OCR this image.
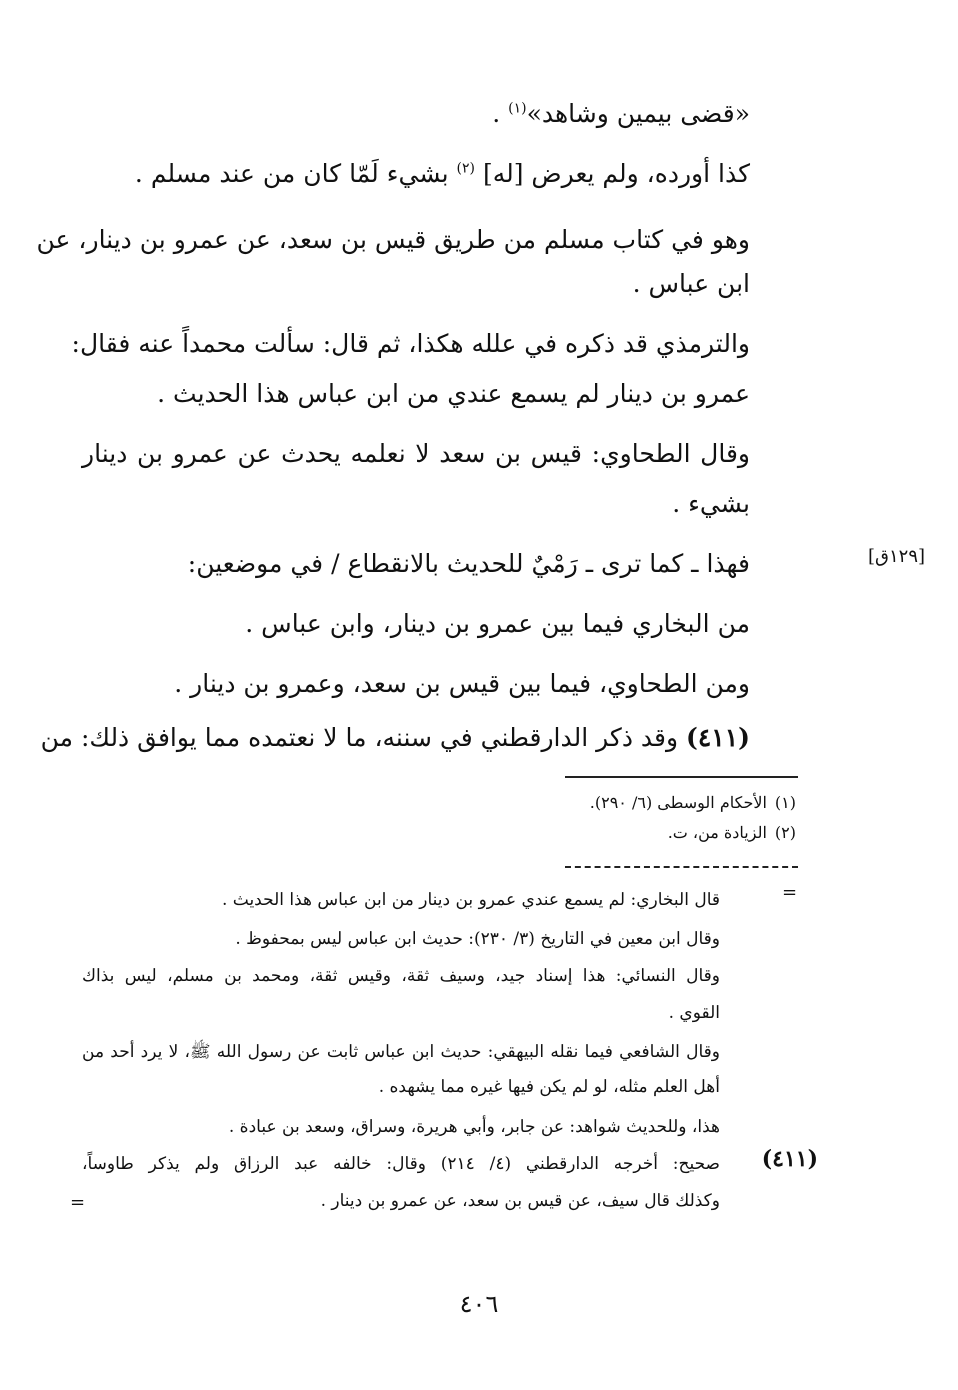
«قضى بيمين وشاهد»$^{(١)}$ .
كذا أورده، ولم يعرض [له] $^{(٢)}$ بشيء لَمّا كان من عند مسلم .
وهو في كتاب مسلم من طريق قيس بن سعد، عن عمرو بن دينار، عن
ابن عباس .
والترمذي قد ذكره في علله هكذا، ثم قال: سألت محمداً عنه فقال:
عمرو بن دينار لم يسمع عندي من ابن عباس هذا الحديث .
وقال الطحاوي: قيس بن سعد لا نعلمه يحدث عن عمرو بن دينار
بشيء .
فهذا ـ كما ترى ـ رَمْيٌ للحديث بالانقطاع / في موضعين:	[١٢٩ق]
من البخاري فيما بين عمرو بن دينار، وابن عباس .
ومن الطحاوي، فيما بين قيس بن سعد، وعمرو بن دينار .
(٤١١) وقد ذكر الدارقطني في سننه، ما لا نعتمده مما يوافق ذلك: من
(١)الأحكام الوسطى (٦/ ٢٩٠).
(٢)الزيادة من، ت.
=
قال البخاري: لم يسمع عندي عمرو بن دينار من ابن عباس هذا الحديث .
وقال ابن معين في التاريخ (٣/ ٢٣٠): حديث ابن عباس ليس بمحفوظ .
وقال النسائي: هذا إسناد جيد، وسيف ثقة، وقيس ثقة، ومحمد بن مسلم، ليس بذاك
القوي .
وقال الشافعي فيما نقله البيهقي: حديث ابن عباس ثابت عن رسول الله ﷺ، لا يرد أحد من
أهل العلم مثله، لو لم يكن فيها غيره مما يشهده .
هذا، وللحديث شواهد: عن جابر، وأبي هريرة، وسراق، وسعد بن عبادة .
(٤١١)
صحيح: أخرجه الدارقطني (٤/ ٢١٤) وقال: خالفه عبد الرزاق ولم يذكر طاوساً،
وكذلك قال سيف، عن قيس بن سعد، عن عمرو بن دينار .
=
٤٠٦
